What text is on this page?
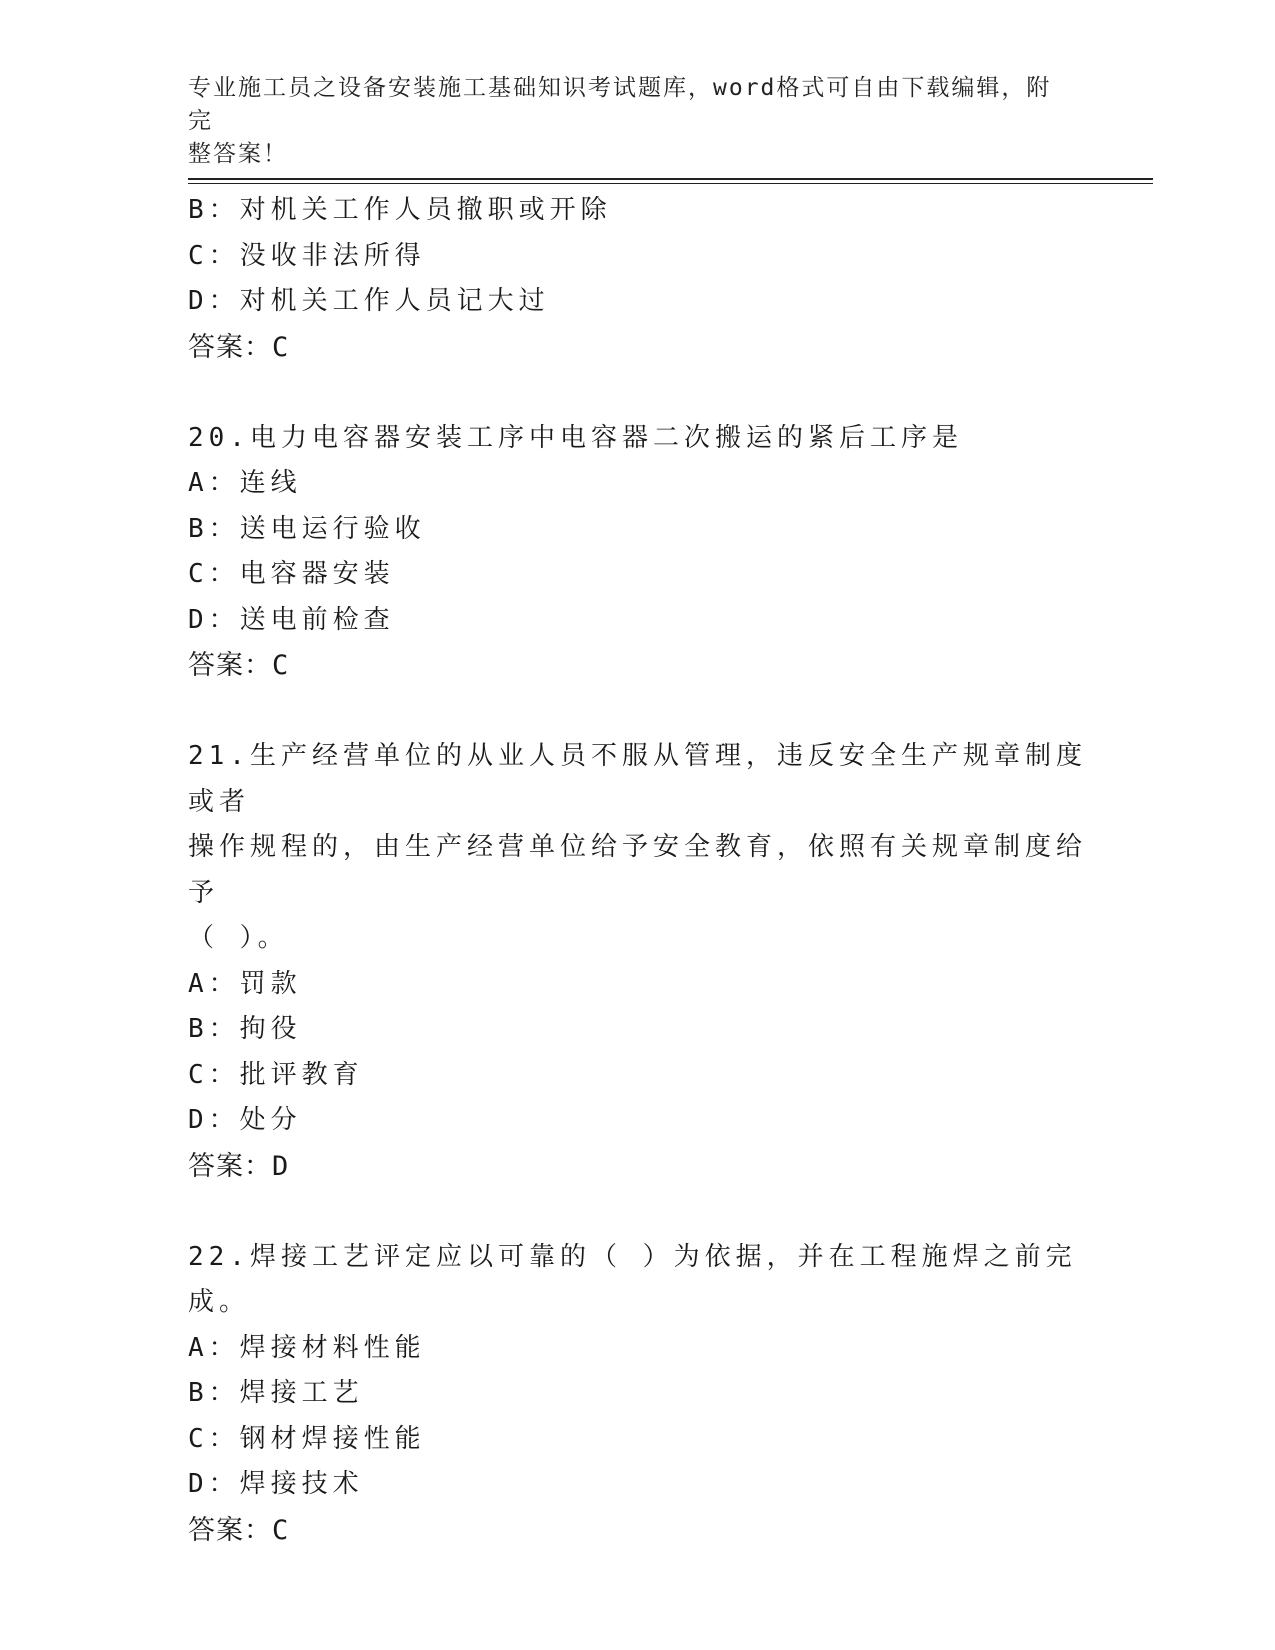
专业施工员之设备安装施工基础知识考试题库，word格式可自由下载编辑，附完
整答案！
B：对机关工作人员撤职或开除
C：没收非法所得
D：对机关工作人员记大过
答案：C
20.电力电容器安装工序中电容器二次搬运的紧后工序是
A：连线
B：送电运行验收
C：电容器安装
D：送电前检查
答案：C
21.生产经营单位的从业人员不服从管理，违反安全生产规章制度或者
操作规程的，由生产经营单位给予安全教育，依照有关规章制度给予
（ ）。
A：罚款
B：拘役
C：批评教育
D：处分
答案：D
22.焊接工艺评定应以可靠的（ ）为依据，并在工程施焊之前完成。
A：焊接材料性能
B：焊接工艺
C：钢材焊接性能
D：焊接技术
答案：C
